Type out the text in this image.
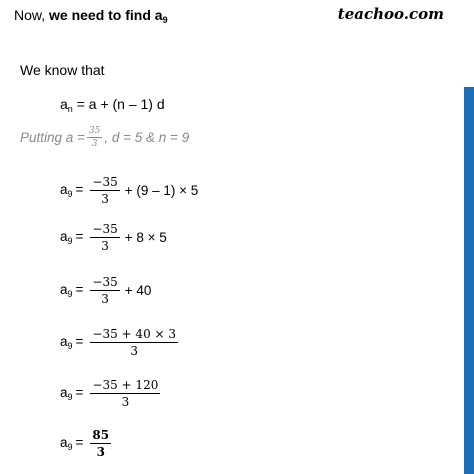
Now, we need to find $a_9$	teachoo.com
We know that
$a_n = a + (n - 1)$ d
Putting $a = \frac{35}{3}$ , d = 5 & n = 9
$a_9 = \frac{-35}{3} + (9 - 1) \times 5$
$a_9 = \frac{-35}{3} + 8 \times 5$
$a_9 = \frac{-35}{3} + 40$
$a_9 = \frac{-35 + 40 \times 3}{3}$
$a_9 = \frac{-35 + 120}{3}$
$a_9 = \frac{85}{3}$
